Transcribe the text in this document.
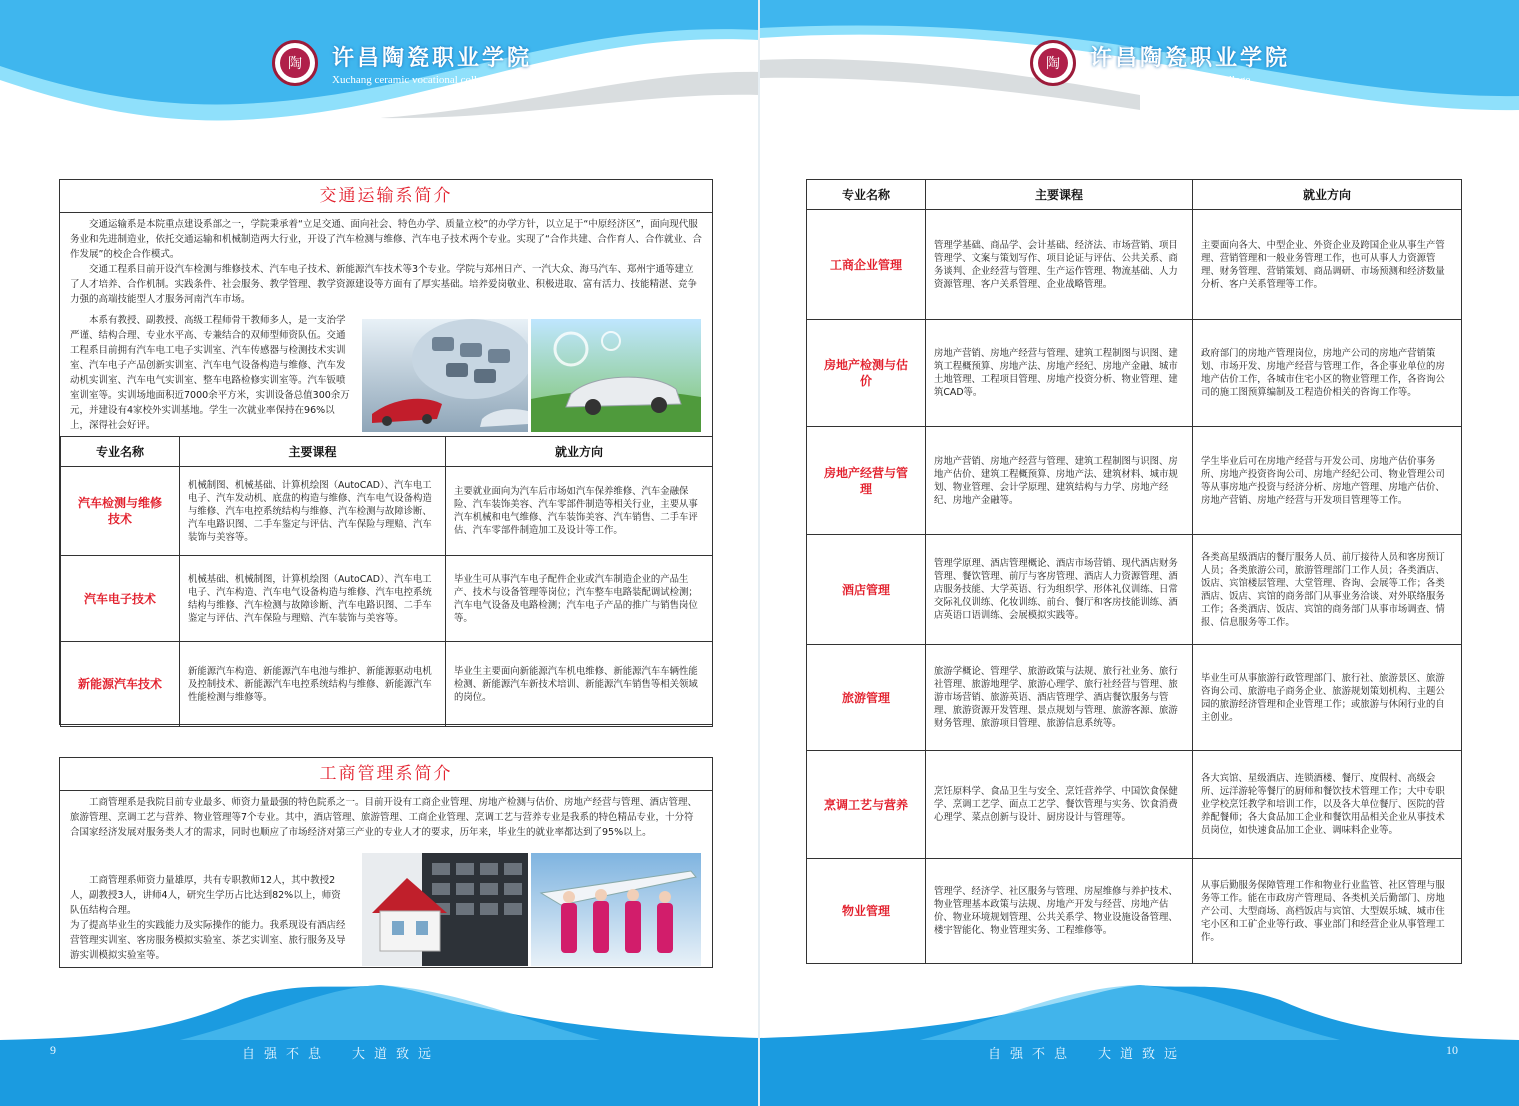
陶	许昌陶瓷职业学院
Xuchang ceramic vocational college
交通运输系简介

交通运输系是本院重点建设系部之一，学院秉承着“立足交通、面向社会、特色办学、质量立校”的办学方针，以立足于“中原经济区”，面向现代服务业和先进制造业，依托交通运输和机械制造两大行业，开设了汽车检测与维修、汽车电子技术两个专业。实现了“合作共建、合作育人、合作就业、合作发展”的校企合作模式。

交通工程系目前开设汽车检测与维修技术、汽车电子技术、新能源汽车技术等3个专业。学院与郑州日产、一汽大众、海马汽车、郑州宇通等建立了人才培养、合作机制。实践条件、社会服务、教学管理、教学资源建设等方面有了厚实基础。培养爱岗敬业、积极进取、富有活力、技能精湛、竞争力强的高端技能型人才服务河南汽车市场。

本系有教授、副教授、高级工程师骨干教师多人，是一支治学严谨、结构合理、专业水平高、专兼结合的双师型师资队伍。交通工程系目前拥有汽车电工电子实训室、汽车传感器与检测技术实训室、汽车电子产品创新实训室、汽车电气设备构造与维修、汽车发动机实训室、汽车电气实训室、整车电路检修实训室等。汽车钣喷室训室等。实训场地面积近7000余平方米，实训设备总值300余万元，并建设有4家校外实训基地。学生一次就业率保持在96%以上，深得社会好评。

专业名称	主要课程	就业方向
汽车检测与维修技术	机械制图、机械基础、计算机绘图（AutoCAD）、汽车电工电子、汽车发动机、底盘的构造与维修、汽车电气设备构造与维修、汽车电控系统结构与维修、汽车检测与故障诊断、汽车电路识图、二手车鉴定与评估、汽车保险与理赔、汽车装饰与美容等。	主要就业面向为汽车后市场如汽车保养维修、汽车金融保险、汽车装饰美容、汽车零部件制造等相关行业，主要从事汽车机械和电气维修、汽车装饰美容、汽车销售、二手车评估、汽车零部件制造加工及设计等工作。
汽车电子技术	机械基础、机械制图，计算机绘图（AutoCAD）、汽车电工电子、汽车构造、汽车电气设备构造与维修、汽车电控系统结构与维修、汽车检测与故障诊断、汽车电路识图、二手车鉴定与评估、汽车保险与理赔、汽车装饰与美容等。	毕业生可从事汽车电子配件企业或汽车制造企业的产品生产、技术与设备管理等岗位；汽车整车电路装配调试检测；汽车电气设备及电路检测；汽车电子产品的推广与销售岗位等。
新能源汽车技术	新能源汽车构造、新能源汽车电池与维护、新能源驱动电机及控制技术、新能源汽车电控系统结构与维修、新能源汽车性能检测与维修等。	毕业生主要面向新能源汽车机电维修、新能源汽车车辆性能检测、新能源汽车新技术培训、新能源汽车销售等相关领域的岗位。
工商管理系简介

工商管理系是我院目前专业最多、师资力量最强的特色院系之一。目前开设有工商企业管理、房地产检测与估价、房地产经营与管理、酒店管理、旅游管理、烹调工艺与营养、物业管理等7个专业。其中，酒店管理、旅游管理、工商企业管理、烹调工艺与营养专业是我系的特色精品专业，十分符合国家经济发展对服务类人才的需求，同时也顺应了市场经济对第三产业的专业人才的要求，历年来，毕业生的就业率都达到了95%以上。

工商管理系师资力量雄厚，共有专职教师12人，其中教授2人，副教授3人，讲师4人，研究生学历占比达到82%以上，师资队伍结构合理。

为了提高毕业生的实践能力及实际操作的能力。我系现设有酒店经营管理实训室、客房服务模拟实验室、茶艺实训室、旅行服务及导游实训模拟实验室等。

9	自强不息　大道致远
陶	许昌陶瓷职业学院
Xuchang ceramic vocational college
专业名称	主要课程	就业方向
工商企业管理	管理学基础、商品学、会计基础、经济法、市场营销、项目管理学、文案与策划写作、项目论证与评估、公共关系、商务谈判、企业经营与管理、生产运作管理、物流基础、人力资源管理、客户关系管理、企业战略管理。	主要面向各大、中型企业、外资企业及跨国企业从事生产管理、营销管理和一般业务管理工作，也可从事人力资源管理、财务管理、营销策划、商品调研、市场预测和经济数量分析、客户关系管理等工作。
房地产检测与估价	房地产营销、房地产经营与管理、建筑工程制图与识图、建筑工程概预算、房地产法、房地产经纪、房地产金融、城市土地管理、工程项目管理、房地产投资分析、物业管理、建筑CAD等。	政府部门的房地产管理岗位，房地产公司的房地产营销策划、市场开发、房地产经营与管理工作，各企事业单位的房地产估价工作，各城市住宅小区的物业管理工作，各咨询公司的施工图预算编制及工程造价相关的咨询工作等。
房地产经营与管理	房地产营销、房地产经营与管理、建筑工程制图与识图、房地产估价、建筑工程概预算、房地产法、建筑材料、城市规划、物业管理、会计学原理、建筑结构与力学、房地产经纪、房地产金融等。	学生毕业后可在房地产经营与开发公司、房地产估价事务所、房地产投资咨询公司、房地产经纪公司、物业管理公司等从事房地产投资与经济分析、房地产管理、房地产估价、房地产营销、房地产经营与开发项目管理等工作。
酒店管理	管理学原理、酒店管理概论、酒店市场营销、现代酒店财务管理、餐饮管理、前厅与客房管理、酒店人力资源管理、酒店服务技能、大学英语、行为组织学、形体礼仪训练、日常交际礼仪训练、化妆训练、前台、餐厅和客房技能训练、酒店英语口语训练、会展模拟实践等。	各类高星级酒店的餐厅服务人员、前厅接待人员和客房预订人员；各类旅游公司，旅游管理部门工作人员；各类酒店、饭店、宾馆楼层管理、大堂管理、咨询、会展等工作；各类酒店、饭店、宾馆的商务部门从事业务洽谈、对外联络服务工作；各类酒店、饭店、宾馆的商务部门从事市场调查、情报、信息服务等工作。
旅游管理	旅游学概论、管理学、旅游政策与法规、旅行社业务、旅行社管理、旅游地理学、旅游心理学、旅行社经营与管理、旅游市场营销、旅游英语、酒店管理学、酒店餐饮服务与管理、旅游资源开发管理、景点规划与管理、旅游客源、旅游财务管理、旅游项目管理、旅游信息系统等。	毕业生可从事旅游行政管理部门、旅行社、旅游景区、旅游咨询公司、旅游电子商务企业、旅游规划策划机构、主题公园的旅游经济管理和企业管理工作；或旅游与休闲行业的自主创业。
烹调工艺与营养	烹饪原料学、食品卫生与安全、烹饪营养学、中国饮食保健学、烹调工艺学、面点工艺学、餐饮管理与实务、饮食消费心理学、菜点创新与设计、厨房设计与管理等。	各大宾馆、星级酒店、连锁酒楼、餐厅、度假村、高级会所、远洋游轮等餐厅的厨师和餐饮技术管理工作；大中专职业学校烹饪教学和培训工作，以及各大单位餐厅、医院的营养配餐师；各大食品加工企业和餐饮用品相关企业从事技术员岗位，如快速食品加工企业、调味料企业等。
物业管理	管理学、经济学、社区服务与管理、房屋维修与养护技术、物业管理基本政策与法规、房地产开发与经营、房地产估价、物业环境规划管理、公共关系学、物业设施设备管理、楼宇智能化、物业管理实务、工程维修等。	从事后勤服务保障管理工作和物业行业监管、社区管理与服务等工作。能在市政房产管理局、各类机关后勤部门、房地产公司、大型商场、高档饭店与宾馆、大型娱乐城、城市住宅小区和工矿企业等行政、事业部门和经营企业从事管理工作。
自强不息　大道致远	10
